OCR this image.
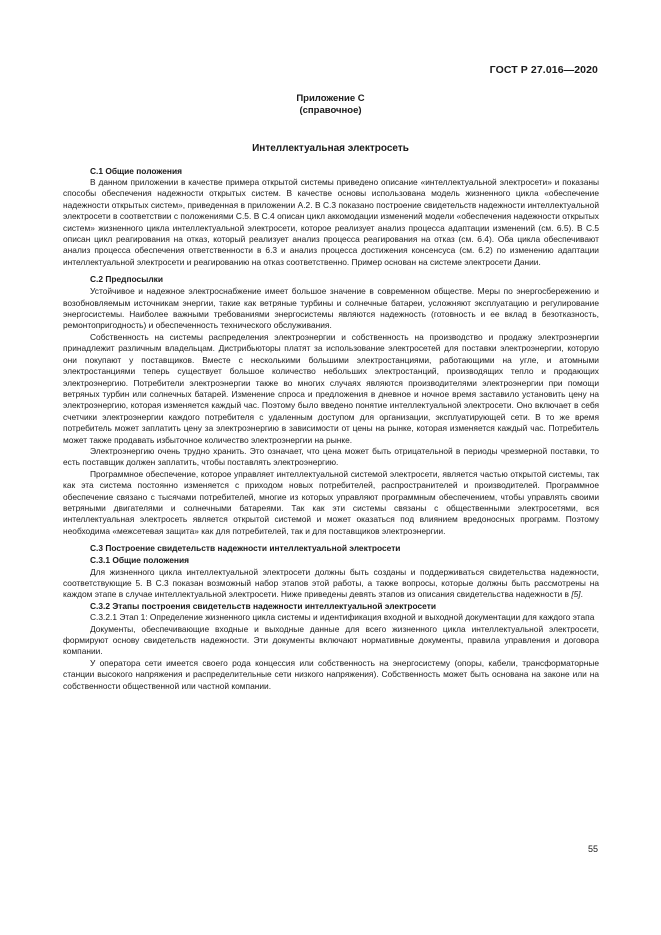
ГОСТ Р 27.016—2020
Приложение С
(справочное)
Интеллектуальная электросеть

С.1 Общие положения

В данном приложении в качестве примера открытой системы приведено описание «интеллектуальной электросети» и показаны способы обеспечения надежности открытых систем. В качестве основы использована модель жизненного цикла «обеспечение надежности открытых систем», приведенная в приложении А.2. В С.3 показано построение свидетельств надежности интеллектуальной электросети в соответствии с положениями С.5. В С.4 описан цикл аккомодации изменений модели «обеспечения надежности открытых систем» жизненного цикла интеллектуальной электросети, которое реализует анализ процесса адаптации изменений (см. 6.5). В С.5 описан цикл реагирования на отказ, который реализует анализ процесса реагирования на отказ (см. 6.4). Оба цикла обеспечивают анализ процесса обеспечения ответственности в 6.3 и анализ процесса достижения консенсуса (см. 6.2) по изменению адаптации интеллектуальной электросети и реагированию на отказ соответственно. Пример основан на системе электросети Дании.

С.2 Предпосылки

Устойчивое и надежное электроснабжение имеет большое значение в современном обществе. Меры по энергосбережению и возобновляемым источникам энергии, такие как ветряные турбины и солнечные батареи, усложняют эксплуатацию и регулирование энергосистемы. Наиболее важными требованиями энергосистемы являются надежность (готовность и ее вклад в безотказность, ремонтопригодность) и обеспеченность технического обслуживания.

Собственность на системы распределения электроэнергии и собственность на производство и продажу электроэнергии принадлежит различным владельцам. Дистрибьюторы платят за использование электросетей для поставки электроэнергии, которую они покупают у поставщиков. Вместе с несколькими большими электростанциями, работающими на угле, и атомными электростанциями теперь существует большое количество небольших электростанций, производящих тепло и продающих электроэнергию. Потребители электроэнергии также во многих случаях являются производителями электроэнергии при помощи ветряных турбин или солнечных батарей. Изменение спроса и предложения в дневное и ночное время заставило установить цену на электроэнергию, которая изменяется каждый час. Поэтому было введено понятие интеллектуальной электросети. Оно включает в себя счетчики электроэнергии каждого потребителя с удаленным доступом для организации, эксплуатирующей сети. В то же время потребитель может заплатить цену за электроэнергию в зависимости от цены на рынке, которая изменяется каждый час. Потребитель может также продавать избыточное количество электроэнергии на рынке.

Электроэнергию очень трудно хранить. Это означает, что цена может быть отрицательной в периоды чрезмерной поставки, то есть поставщик должен заплатить, чтобы поставлять электроэнергию.

Программное обеспечение, которое управляет интеллектуальной системой электросети, является частью открытой системы, так как эта система постоянно изменяется с приходом новых потребителей, распространителей и производителей. Программное обеспечение связано с тысячами потребителей, многие из которых управляют программным обеспечением, чтобы управлять своими ветряными двигателями и солнечными батареями. Так как эти системы связаны с общественными электросетями, вся интеллектуальная электросеть является открытой системой и может оказаться под влиянием вредоносных программ. Поэтому необходима «межсетевая защита» как для потребителей, так и для поставщиков электроэнергии.

С.3 Построение свидетельств надежности интеллектуальной электросети

С.3.1 Общие положения

Для жизненного цикла интеллектуальной электросети должны быть созданы и поддерживаться свидетельства надежности, соответствующие 5. В С.3 показан возможный набор этапов этой работы, а также вопросы, которые должны быть рассмотрены на каждом этапе в случае интеллектуальной электросети. Ниже приведены девять этапов из описания свидетельства надежности в [5].

С.3.2 Этапы построения свидетельств надежности интеллектуальной электросети

С.3.2.1 Этап 1: Определение жизненного цикла системы и идентификация входной и выходной документации для каждого этапа

Документы, обеспечивающие входные и выходные данные для всего жизненного цикла интеллектуальной электросети, формируют основу свидетельств надежности. Эти документы включают нормативные документы, правила управления и договора компании.

У оператора сети имеется своего рода концессия или собственность на энергосистему (опоры, кабели, трансформаторные станции высокого напряжения и распределительные сети низкого напряжения). Собственность может быть основана на законе или на собственности общественной или частной компании.

55
